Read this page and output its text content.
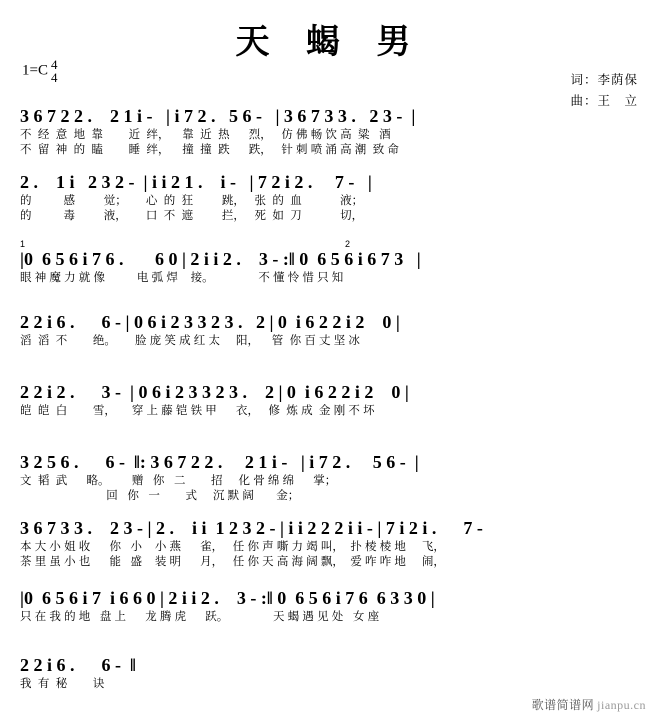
天 蝎 男
1=C 4
4	词：李荫保
曲：王　立
3 6 7 2 2 .    2 1 i -   | i 7 2 .   5 6 -   | 3 6 7 3 3 .   2 3 -  |
不  经  意  地  靠        近  绊，    靠  近  热      烈，   仿 佛 畅 饮 高  粱   酒
不  留  神  的  瞌        睡  绊，    撞  撞  跌      跌，   针 刺 喷 涌 高 潮  致 命
2 .    1 i   2 3 2 -  | i i 2 1 .    i -   | 7 2 i 2 .     7 -   |
的          感         觉；      心  的  狂         跳，   张  的  血            液；
的          毒         液，      口  不  遮         拦，   死  如  刀            切，
1	2
|0  6 5 6 i 7 6 .       6 0 | 2 i i 2 .    3 - :‖ 0  6 5 6 i 6 7 3   |
眼 神 魔 力 就 像          电 弧 焊    接。              不 懂 怜 惜 只 知
2 2 i 6 .      6 - | 0 6 i 2 3 3 2 3 .   2 | 0  i 6 2 2 i 2    0 |
滔  滔  不        绝。      脸 庞 笑 成 红 太     阳，    管  你 百 丈 坚 冰
2 2 i 2 .      3 -  | 0 6 i 2 3 3 2 3 .    2 | 0  i 6 2 2 i 2    0 |
皑  皑  白        雪，     穿 上 藤 铠 铁 甲      衣，   修  炼 成  金 刚 不 坏
3 2 5 6 .      6 -  ‖: 3 6 7 2 2 .     2 1 i -   | i 7 2 .     5 6 -  |
文  韬  武      略。       赠   你   二        招     化 骨 绵 绵      掌；
回   你   一        式     沉 默 阔       金；
3 6 7 3 3 .    2 3 - | 2 .    i i  1 2 3 2 - | i i 2 2 2 i i - | 7 i 2 i .      7 -
本 大 小 姐 收      你   小    小 燕      雀，   任 你 声 嘶 力 竭 叫，  扑 棱 棱 地     飞，
茶 里 虽 小 也      能   盛    装 明      月，   任 你 天 高 海 阔 飘，  爱 咋 咋 地     闹，
|0  6 5 6 i 7  i 6 6 0 | 2 i i 2 .    3 - :‖ 0  6 5 6 i 7 6  6 3 3 0 |
只 在 我 的 地   盘 上      龙 腾 虎      跃。              天 蝎 遇 见 处   女 座
2 2 i 6 .      6 -  ‖
我  有  秘        诀
歌谱简谱网 jianpu.cn
